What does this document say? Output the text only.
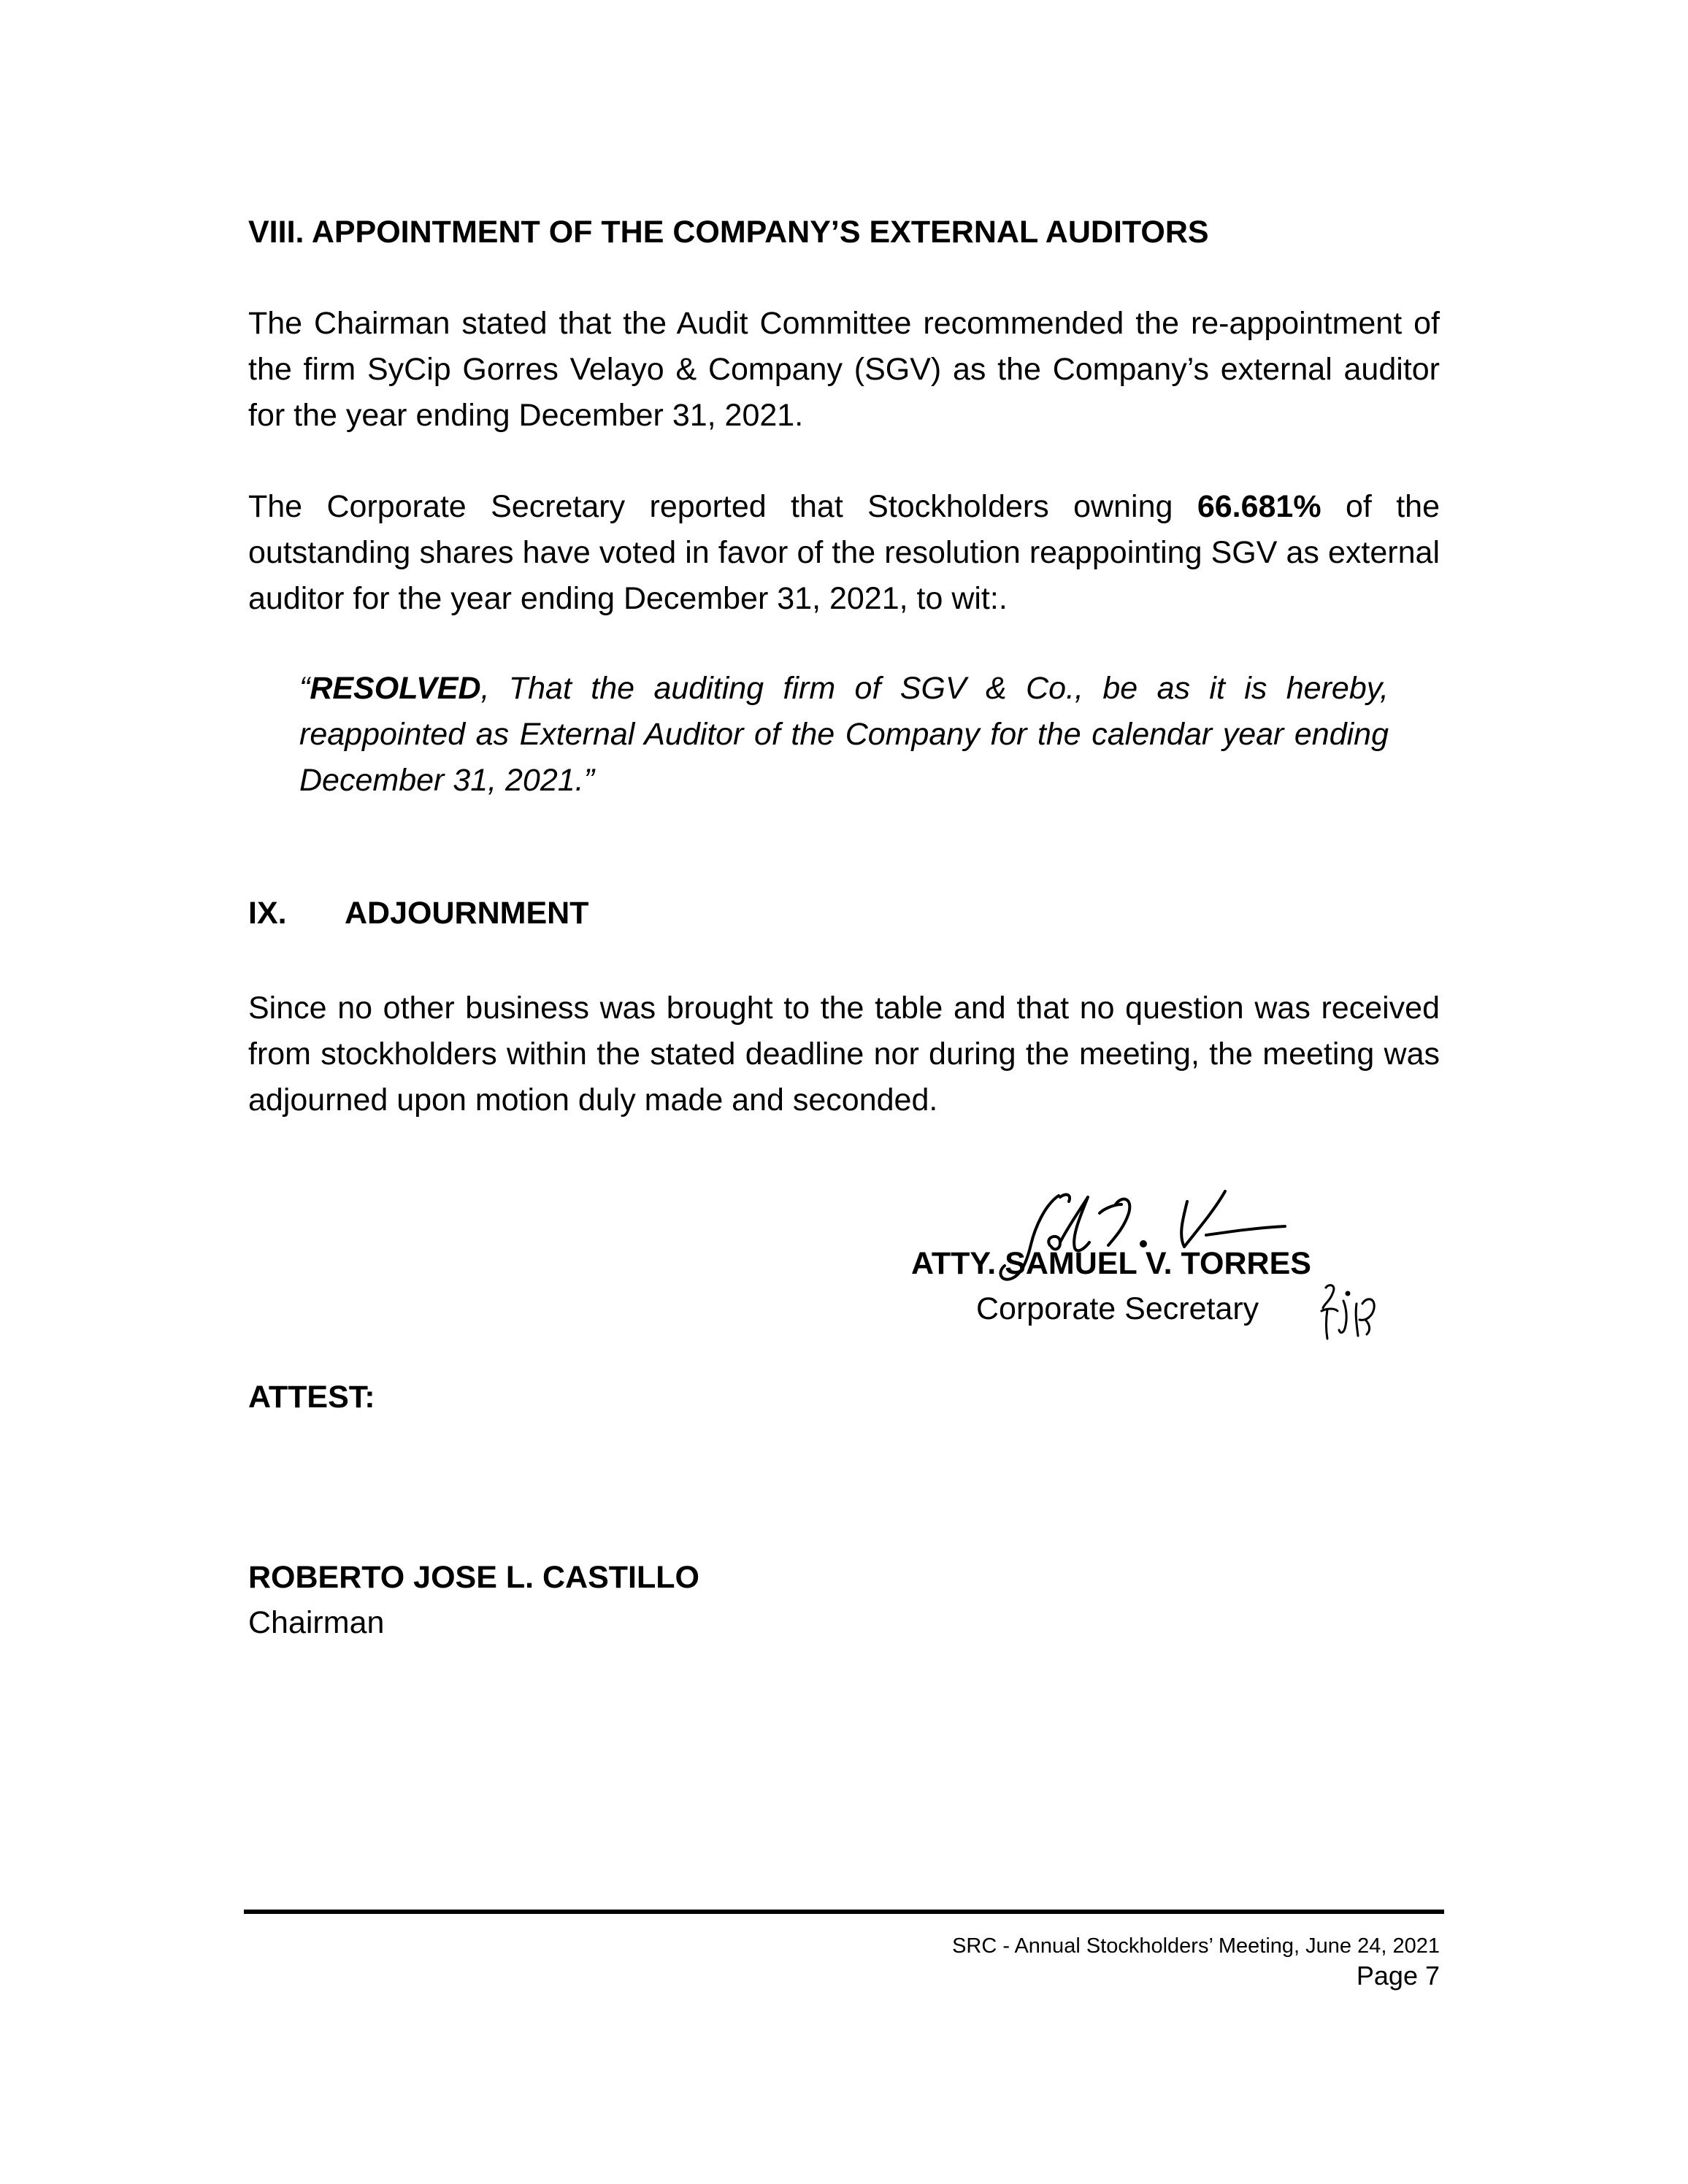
VIII. APPOINTMENT OF THE COMPANY’S EXTERNAL AUDITORS

The Chairman stated that the Audit Committee recommended the re-appointment of the firm SyCip Gorres Velayo & Company (SGV) as the Company’s external auditor for the year ending December 31, 2021.

The Corporate Secretary reported that Stockholders owning 66.681% of the outstanding shares have voted in favor of the resolution reappointing SGV as external auditor for the year ending December 31, 2021, to wit:.

“RESOLVED, That the auditing firm of SGV & Co., be as it is hereby, reappointed as External Auditor of the Company for the calendar year ending December 31, 2021.”

IX. ADJOURNMENT

Since no other business was brought to the table and that no question was received from stockholders within the stated deadline nor during the meeting, the meeting was adjourned upon motion duly made and seconded.

ATTY. SAMUEL V. TORRES
Corporate Secretary
ATTEST:
ROBERTO JOSE L. CASTILLO
Chairman
SRC - Annual Stockholders’ Meeting, June 24, 2021
Page 7
